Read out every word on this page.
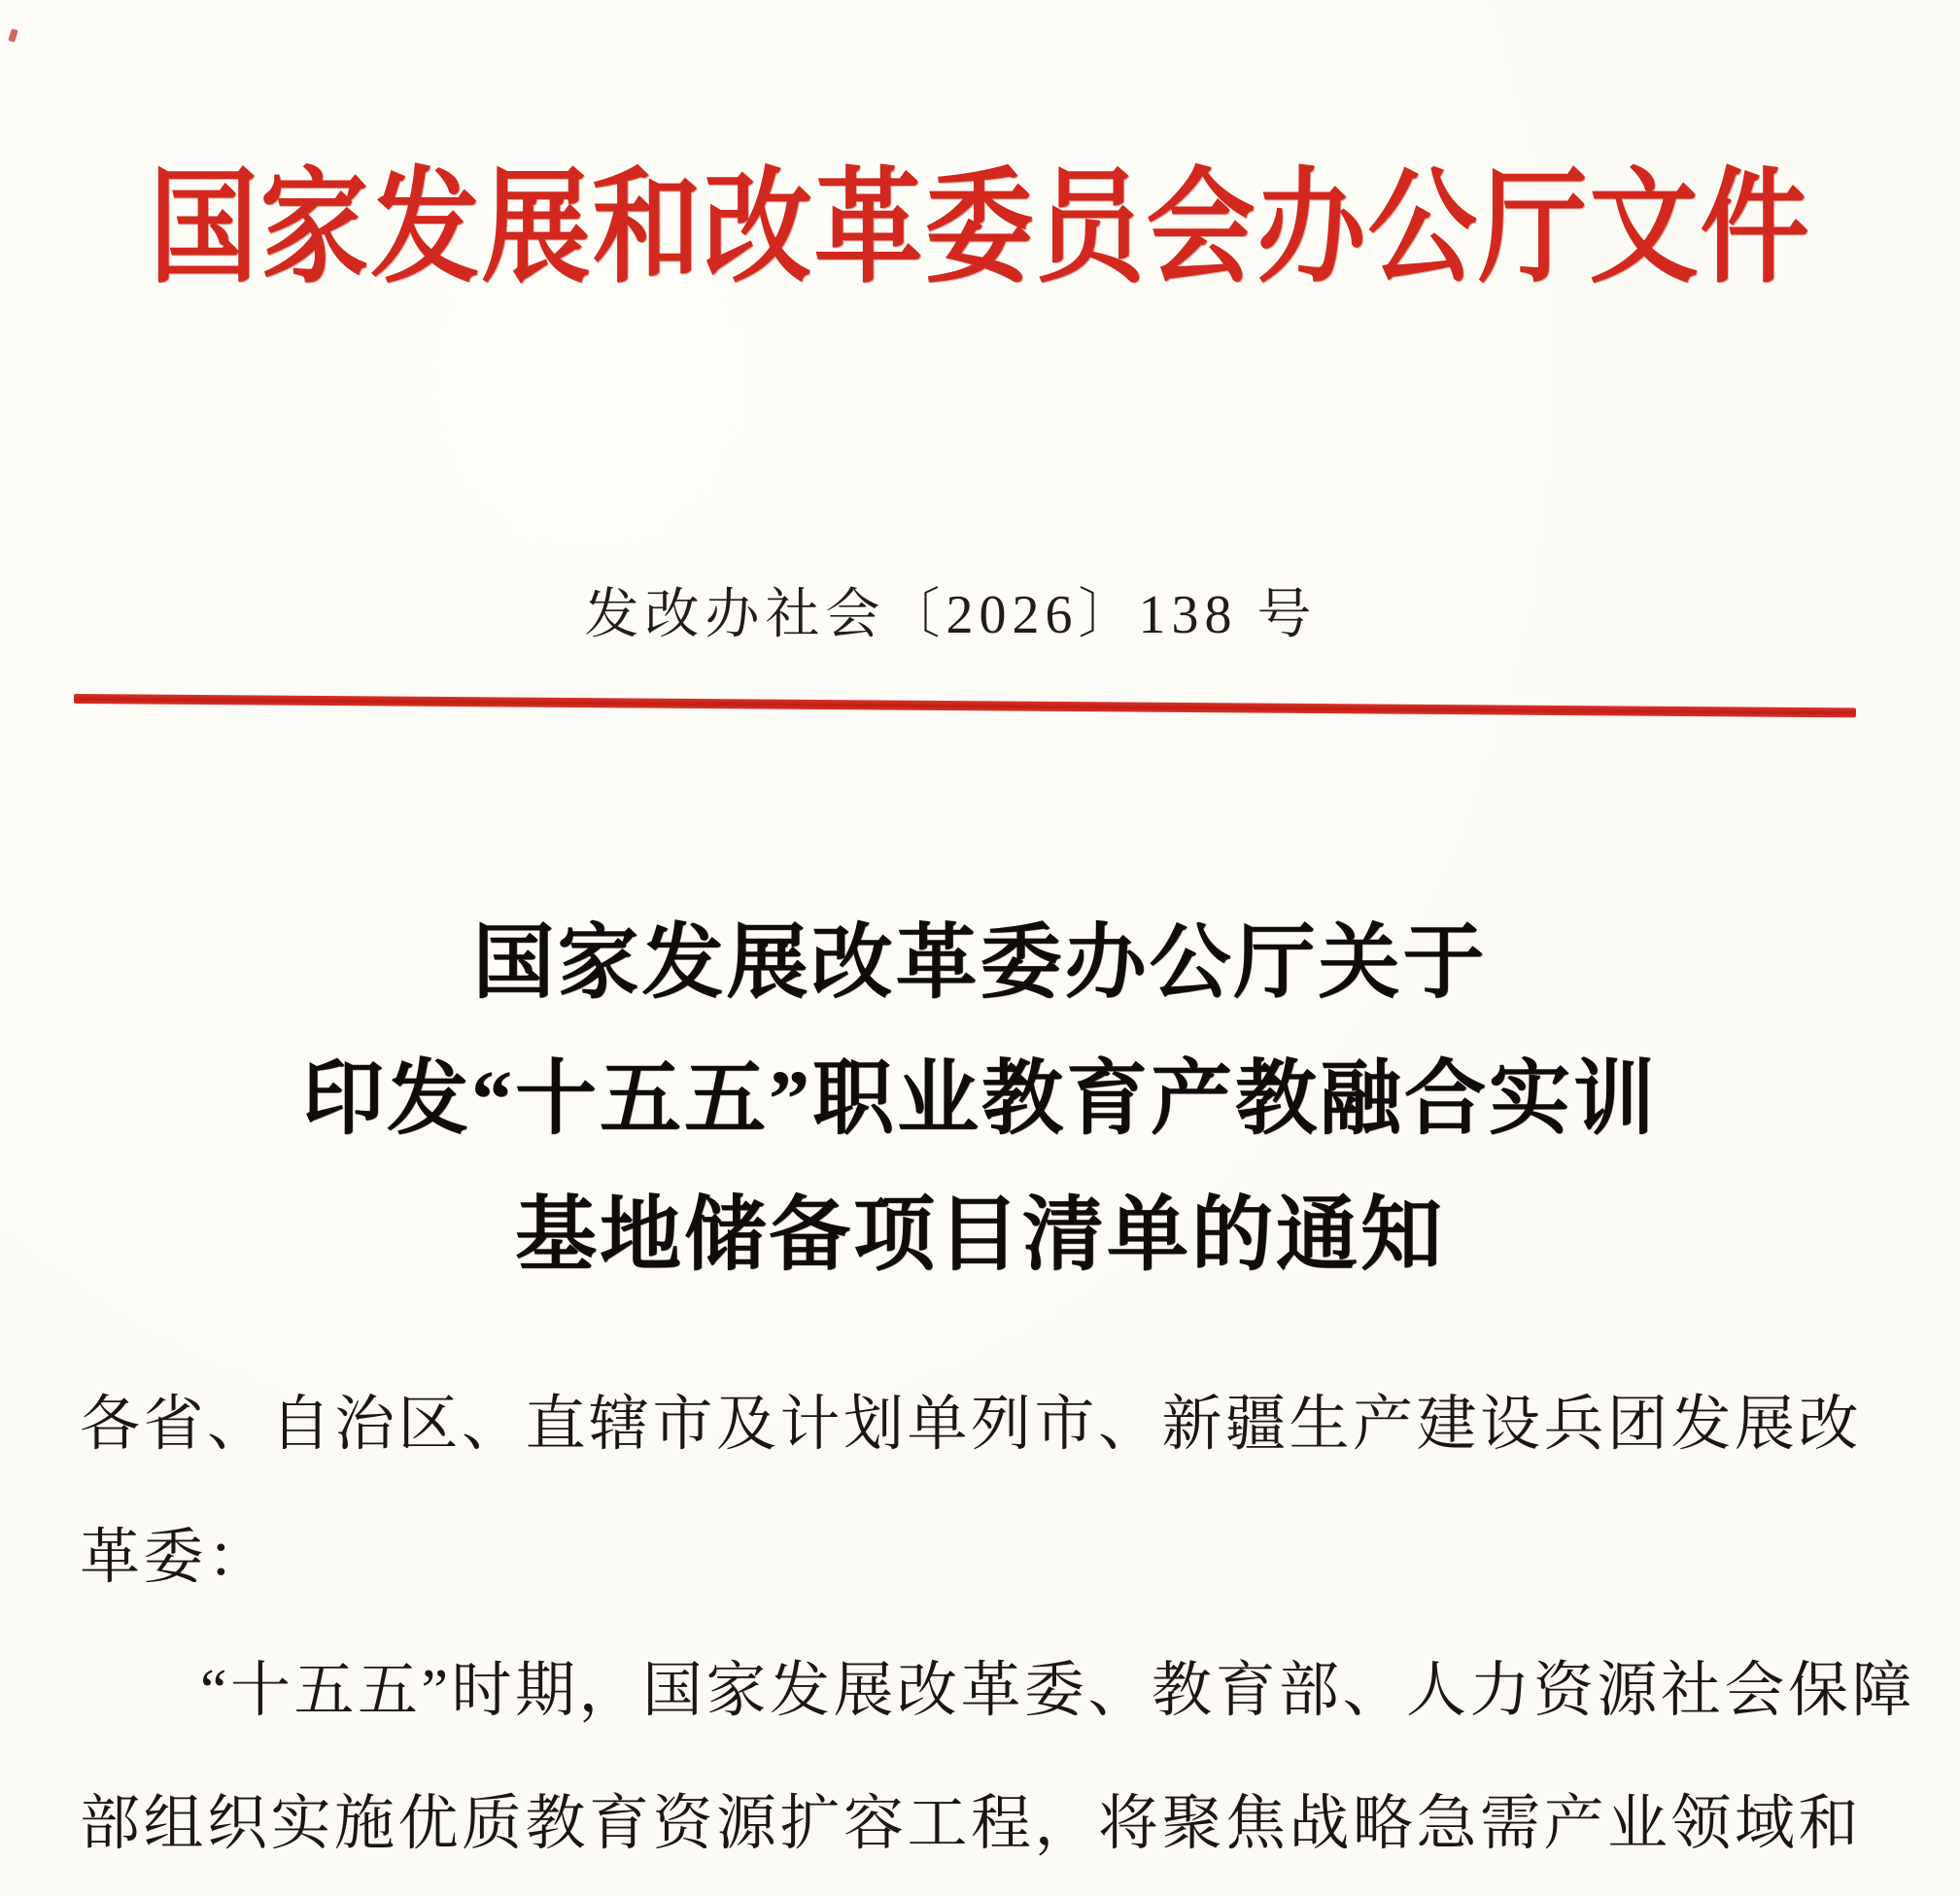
国家发展和改革委员会办公厅文件
发改办社会〔2026〕138 号
国家发展改革委办公厅关于
印发“十五五”职业教育产教融合实训
基地储备项目清单的通知
各省、自治区、直辖市及计划单列市、新疆生产建设兵团发展改
革委：
“十五五”时期，国家发展改革委、教育部、人力资源社会保障
部组织实施优质教育资源扩容工程，将聚焦战略急需产业领域和
